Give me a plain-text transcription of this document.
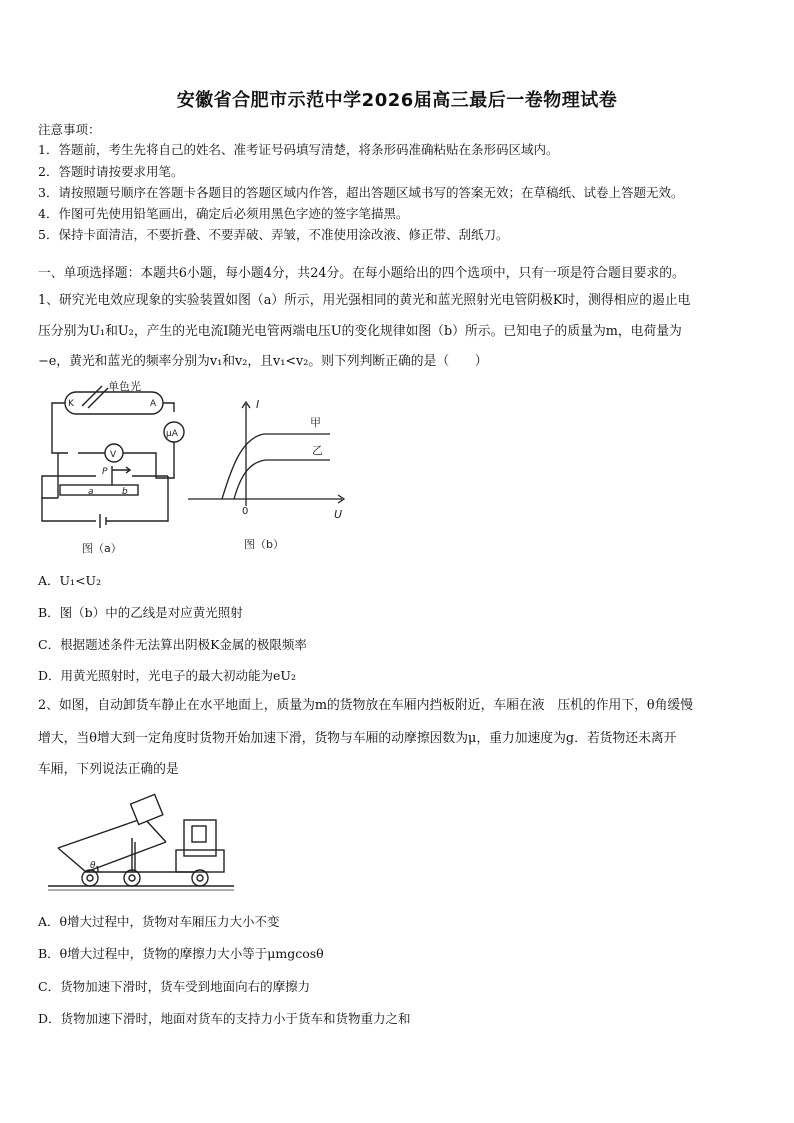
安徽省合肥市示范中学2026届高三最后一卷物理试卷
注意事项：
1．答题前，考生先将自己的姓名、准考证号码填写清楚，将条形码准确粘贴在条形码区域内。
2．答题时请按要求用笔。
3．请按照题号顺序在答题卡各题目的答题区域内作答，超出答题区域书写的答案无效；在草稿纸、试卷上答题无效。
4．作图可先使用铅笔画出，确定后必须用黑色字迹的签字笔描黑。
5．保持卡面清洁，不要折叠、不要弄破、弄皱，不准使用涂改液、修正带、刮纸刀。
一、单项选择题：本题共6小题，每小题4分，共24分。在每小题给出的四个选项中，只有一项是符合题目要求的。
1、研究光电效应现象的实验装置如图（a）所示，用光强相同的黄光和蓝光照射光电管阴极K时，测得相应的遏止电
压分别为U₁和U₂，产生的光电流I随光电管两端电压U的变化规律如图（b）所示。已知电子的质量为m，电荷量为
−e，黄光和蓝光的频率分别为v₁和v₂，且v₁<v₂。则下列判断正确的是（　　）
单色光
K	A
V
μA
P
a	b
图（a）
I
U
0
甲
乙
图（b）
A．U₁<U₂
B．图（b）中的乙线是对应黄光照射
C．根据题述条件无法算出阴极K金属的极限频率
D．用黄光照射时，光电子的最大初动能为eU₂
2、如图，自动卸货车静止在水平地面上，质量为m的货物放在车厢内挡板附近，车厢在液　压机的作用下，θ角缓慢
增大，当θ增大到一定角度时货物开始加速下滑，货物与车厢的动摩擦因数为μ，重力加速度为g．若货物还未离开
车厢，下列说法正确的是
θ
A．θ增大过程中，货物对车厢压力大小不变
B．θ增大过程中，货物的摩擦力大小等于μmgcosθ
C．货物加速下滑时，货车受到地面向右的摩擦力
D．货物加速下滑时，地面对货车的支持力小于货车和货物重力之和
